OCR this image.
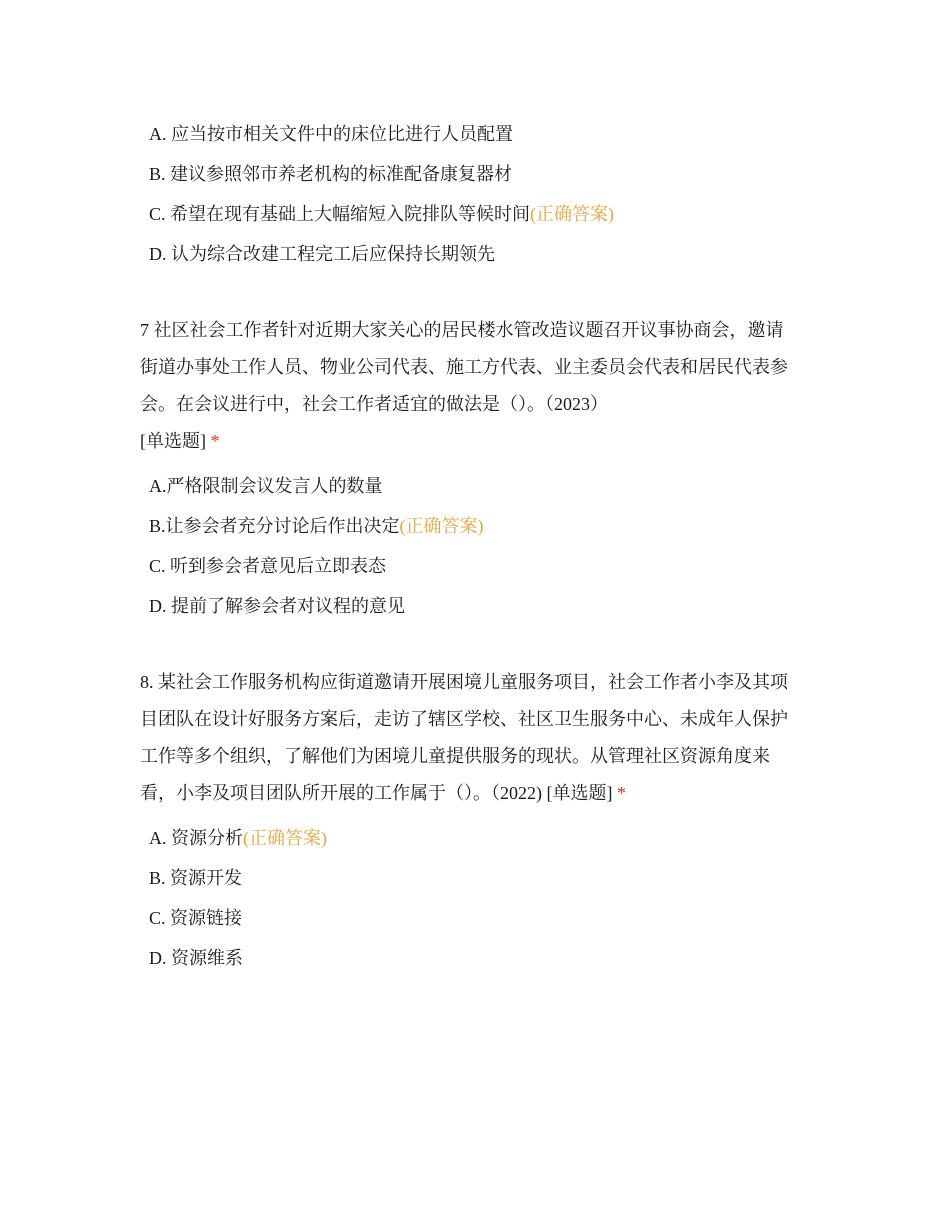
A. 应当按市相关文件中的床位比进行人员配置
B. 建议参照邻市养老机构的标准配备康复器材
C. 希望在现有基础上大幅缩短入院排队等候时间(正确答案)
D. 认为综合改建工程完工后应保持长期领先

7 社区社会工作者针对近期大家关心的居民楼水管改造议题召开议事协商会，邀请

街道办事处工作人员、物业公司代表、施工方代表、业主委员会代表和居民代表参

会。在会议进行中，社会工作者适宜的做法是（）。（2023）

[单选题] *

A.严格限制会议发言人的数量
B.让参会者充分讨论后作出决定(正确答案)
C. 听到参会者意见后立即表态
D. 提前了解参会者对议程的意见

8. 某社会工作服务机构应街道邀请开展困境儿童服务项目，社会工作者小李及其项

目团队在设计好服务方案后，走访了辖区学校、社区卫生服务中心、未成年人保护

工作等多个组织，了解他们为困境儿童提供服务的现状。从管理社区资源角度来

看，小李及项目团队所开展的工作属于（）。（2022) [单选题] *

A. 资源分析(正确答案)
B. 资源开发
C. 资源链接
D. 资源维系
